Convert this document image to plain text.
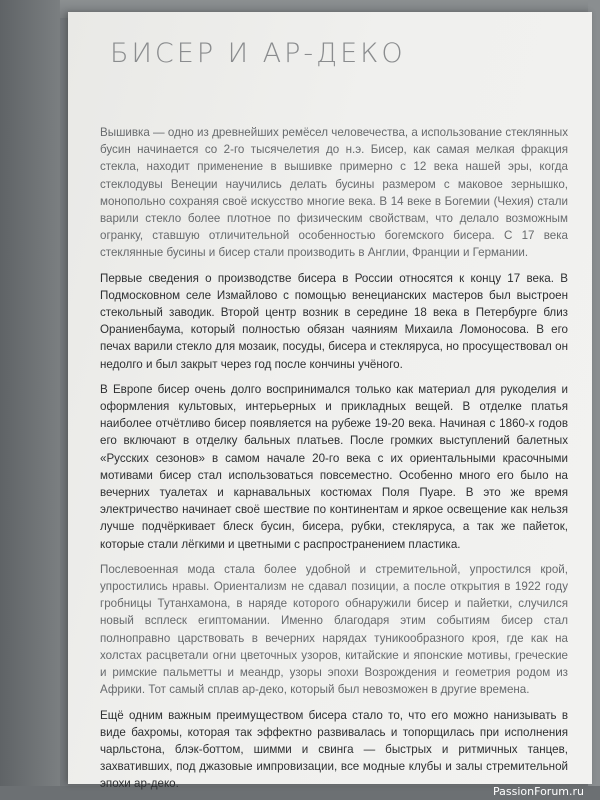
БИСЕР И АР-ДЕКО

Вышивка — одно из древнейших ремёсел человечества, а использование стеклянных бусин начинается со 2-го тысячелетия до н.э. Бисер, как самая мелкая фракция стекла, находит применение в вышивке примерно с 12 века нашей эры, когда стеклодувы Венеции научились делать бусины размером с маковое зернышко, монопольно сохраняя своё искусство многие века. В 14 веке в Богемии (Чехия) стали варили стекло более плотное по физическим свойствам, что делало возможным огранку, ставшую отличительной особенностью богемского бисера. С 17 века стеклянные бусины и бисер стали производить в Англии, Франции и Германии.

Первые сведения о производстве бисера в России относятся к концу 17 века. В Подмосковном селе Измайлово с помощью венецианских мастеров был выстроен стекольный заводик. Второй центр возник в середине 18 века в Петербурге близ Ораниенбаума, который полностью обязан чаяниям Михаила Ломоносова. В его печах варили стекло для мозаик, посуды, бисера и стекляруса, но просуществовал он недолго и был закрыт через год после кончины учёного.

В Европе бисер очень долго воспринимался только как материал для рукоделия и оформления культовых, интерьерных и прикладных вещей. В отделке платья наиболее отчётливо бисер появляется на рубеже 19-20 века. Начиная с 1860-х годов его включают в отделку бальных платьев. После громких выступлений балетных «Русских сезонов» в самом начале 20-го века с их ориентальными красочными мотивами бисер стал использоваться повсеместно. Особенно много его было на вечерних туалетах и карнавальных костюмах Поля Пуаре. В это же время электричество начинает своё шествие по континентам и яркое освещение как нельзя лучше подчёркивает блеск бусин, бисера, рубки, стекляруса, а так же пайеток, которые стали лёгкими и цветными с распространением пластика.

Послевоенная мода стала более удобной и стремительной, упростился крой, упростились нравы. Ориентализм не сдавал позиции, а после открытия в 1922 году гробницы Тутанхамона, в наряде которого обнаружили бисер и пайетки, случился новый всплеск египтомании. Именно благодаря этим событиям бисер стал полноправно царствовать в вечерних нарядах туникообразного кроя, где как на холстах расцветали огни цветочных узоров, китайские и японские мотивы, греческие и римские пальметты и меандр, узоры эпохи Возрождения и геометрия родом из Африки. Тот самый сплав ар-деко, который был невозможен в другие времена.

Ещё одним важным преимуществом бисера стало то, что его можно нанизывать в виде бахромы, которая так эффектно развивалась и топорщилась при исполнения чарльстона, блэк-боттом, шимми и свинга — быстрых и ритмичных танцев, захвативших, под джазовые импровизации, все модные клубы и залы стремительной эпохи ар-деко.

PassionForum.ru
